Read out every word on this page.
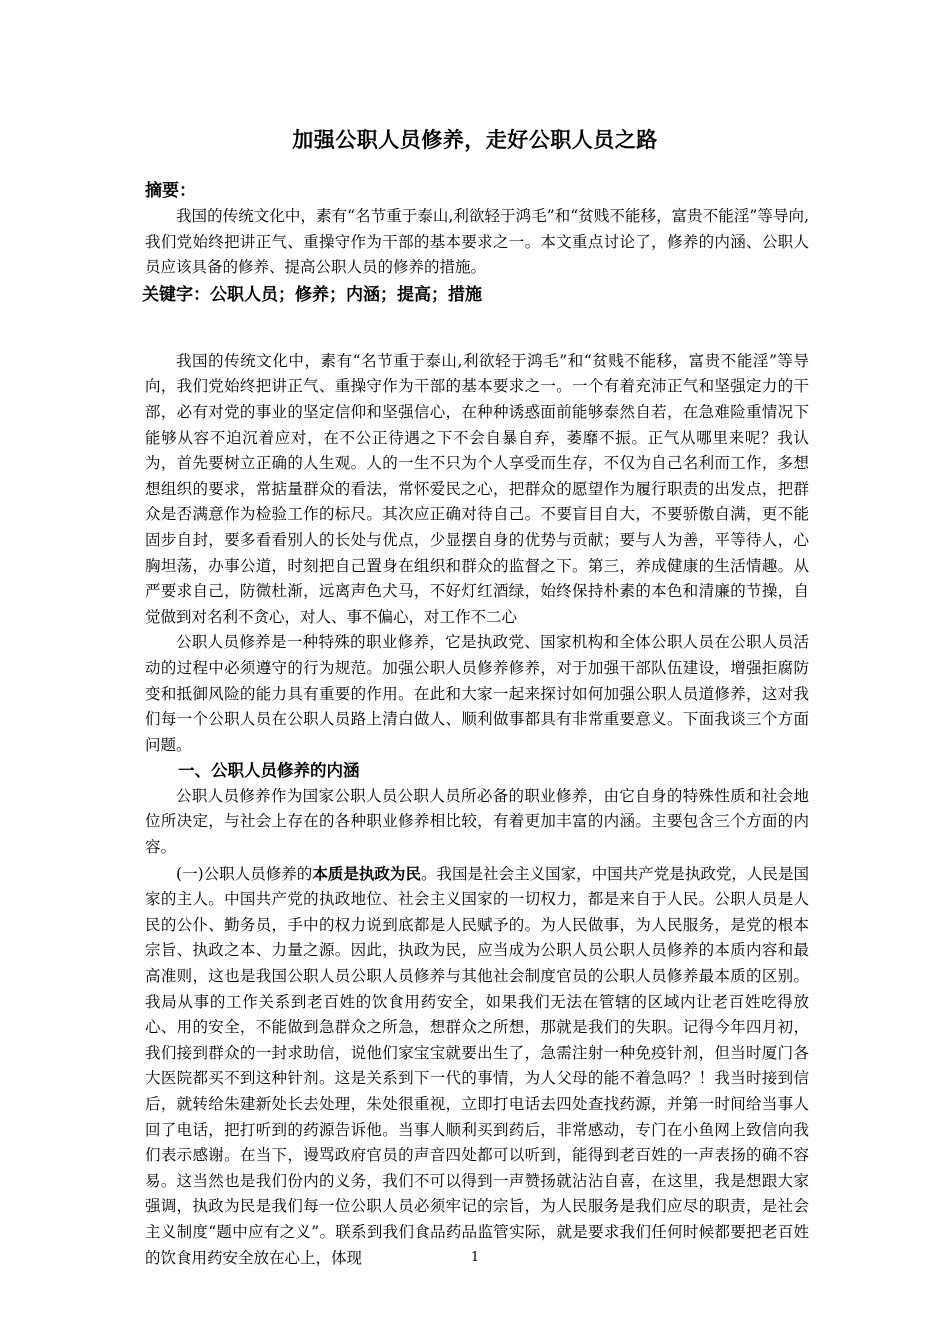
加强公职人员修养，走好公职人员之路
摘要：

我国的传统文化中，素有“名节重于泰山,利欲轻于鸿毛”和“贫贱不能移，富贵不能淫”等导向,我们党始终把讲正气、重操守作为干部的基本要求之一。本文重点讨论了，修养的内涵、公职人员应该具备的修养、提高公职人员的修养的措施。

关键字：公职人员；修养；内涵；提高；措施

我国的传统文化中，素有“名节重于泰山,利欲轻于鸿毛”和“贫贱不能移，富贵不能淫”等导向，我们党始终把讲正气、重操守作为干部的基本要求之一。一个有着充沛正气和坚强定力的干部，必有对党的事业的坚定信仰和坚强信心，在种种诱惑面前能够泰然自若，在急难险重情况下能够从容不迫沉着应对，在不公正待遇之下不会自暴自弃，萎靡不振。正气从哪里来呢？我认为，首先要树立正确的人生观。人的一生不只为个人享受而生存，不仅为自己名利而工作，多想想组织的要求，常掂量群众的看法，常怀爱民之心，把群众的愿望作为履行职责的出发点，把群众是否满意作为检验工作的标尺。其次应正确对待自己。不要盲目自大，不要骄傲自满，更不能固步自封，要多看看别人的长处与优点，少显摆自身的优势与贡献；要与人为善，平等待人，心胸坦荡，办事公道，时刻把自己置身在组织和群众的监督之下。第三，养成健康的生活情趣。从严要求自己，防微杜渐，远离声色犬马，不好灯红酒绿，始终保持朴素的本色和清廉的节操，自觉做到对名利不贪心，对人、事不偏心，对工作不二心

公职人员修养是一种特殊的职业修养，它是执政党、国家机构和全体公职人员在公职人员活动的过程中必须遵守的行为规范。加强公职人员修养修养，对于加强干部队伍建设，增强拒腐防变和抵御风险的能力具有重要的作用。在此和大家一起来探讨如何加强公职人员道修养，这对我们每一个公职人员在公职人员路上清白做人、顺利做事都具有非常重要意义。下面我谈三个方面问题。

一、公职人员修养的内涵

公职人员修养作为国家公职人员公职人员所必备的职业修养，由它自身的特殊性质和社会地位所决定，与社会上存在的各种职业修养相比较，有着更加丰富的内涵。主要包含三个方面的内容。

(一)公职人员修养的本质是执政为民。我国是社会主义国家，中国共产党是执政党，人民是国家的主人。中国共产党的执政地位、社会主义国家的一切权力，都是来自于人民。公职人员是人民的公仆、勤务员，手中的权力说到底都是人民赋予的。为人民做事，为人民服务，是党的根本宗旨、执政之本、力量之源。因此，执政为民，应当成为公职人员公职人员修养的本质内容和最高准则，这也是我国公职人员公职人员修养与其他社会制度官员的公职人员修养最本质的区别。我局从事的工作关系到老百姓的饮食用药安全，如果我们无法在管辖的区域内让老百姓吃得放心、用的安全，不能做到急群众之所急，想群众之所想，那就是我们的失职。记得今年四月初，我们接到群众的一封求助信，说他们家宝宝就要出生了，急需注射一种免疫针剂，但当时厦门各大医院都买不到这种针剂。这是关系到下一代的事情，为人父母的能不着急吗？！我当时接到信后，就转给朱建新处长去处理，朱处很重视，立即打电话去四处查找药源，并第一时间给当事人回了电话，把打听到的药源告诉他。当事人顺利买到药后，非常感动，专门在小鱼网上致信向我们表示感谢。在当下，谩骂政府官员的声音四处都可以听到，能得到老百姓的一声表扬的确不容易。这当然也是我们份内的义务，我们不可以得到一声赞扬就沾沾自喜，在这里，我是想跟大家强调，执政为民是我们每一位公职人员必须牢记的宗旨，为人民服务是我们应尽的职责，是社会主义制度“题中应有之义”。联系到我们食品药品监管实际，就是要求我们任何时候都要把老百姓的饮食用药安全放在心上，体现	1
